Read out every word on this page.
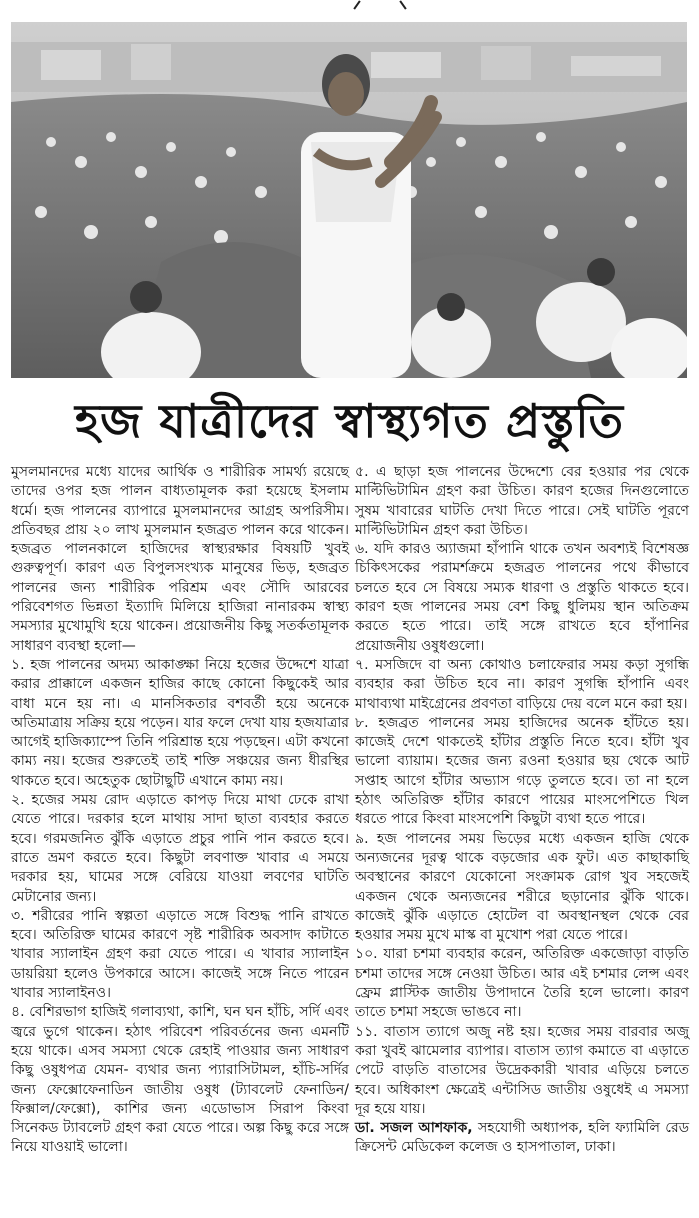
হজ যাত্রীদের স্বাস্থ্যগত প্রস্তুতি

মুসলমানদের মধ্যে যাদের আর্থিক ও শারীরিক সামর্থ্য রয়েছে তাদের ওপর হজ পালন বাধ্যতামূলক করা হয়েছে ইসলাম ধর্মে। হজ পালনের ব্যাপারে মুসলমানদের আগ্রহ অপরিসীম। প্রতিবছর প্রায় ২০ লাখ মুসলমান হজব্রত পালন করে থাকেন। হজব্রত পালনকালে হাজিদের স্বাস্থ্যরক্ষার বিষয়টি খুবই গুরুত্বপূর্ণ। কারণ এত বিপুলসংখ্যক মানুষের ভিড়, হজব্রত পালনের জন্য শারীরিক পরিশ্রম এবং সৌদি আরবের পরিবেশগত ভিন্নতা ইত্যাদি মিলিয়ে হাজিরা নানারকম স্বাস্থ্য সমস্যার মুখোমুখি হয়ে থাকেন। প্রয়োজনীয় কিছু সতর্কতামূলক সাধারণ ব্যবস্থা হলো—

১. হজ পালনের অদম্য আকাঙ্ক্ষা নিয়ে হজের উদ্দেশে যাত্রা করার প্রাক্কালে একজন হাজির কাছে কোনো কিছুকেই আর বাধা মনে হয় না। এ মানসিকতার বশবর্তী হয়ে অনেকে অতিমাত্রায় সক্রিয় হয়ে পড়েন। যার ফলে দেখা যায় হজযাত্রার আগেই হাজিক্যাম্পে তিনি পরিশ্রান্ত হয়ে পড়ছেন। এটা কখনো কাম্য নয়। হজের শুরুতেই তাই শক্তি সঞ্চয়ের জন্য ধীরস্থির থাকতে হবে। অহেতুক ছোটাছুটি এখানে কাম্য নয়।

২. হজের সময় রোদ এড়াতে কাপড় দিয়ে মাথা ঢেকে রাখা যেতে পারে। দরকার হলে মাথায় সাদা ছাতা ব্যবহার করতে হবে। গরমজনিত ঝুঁকি এড়াতে প্রচুর পানি পান করতে হবে। রাতে ভ্রমণ করতে হবে। কিছুটা লবণাক্ত খাবার এ সময়ে দরকার হয়, ঘামের সঙ্গে বেরিয়ে যাওয়া লবণের ঘাটতি মেটানোর জন্য।

৩. শরীরের পানি স্বল্পতা এড়াতে সঙ্গে বিশুদ্ধ পানি রাখতে হবে। অতিরিক্ত ঘামের কারণে সৃষ্ট শারীরিক অবসাদ কাটাতে খাবার স্যালাইন গ্রহণ করা যেতে পারে। এ খাবার স্যালাইন ডায়রিয়া হলেও উপকারে আসে। কাজেই সঙ্গে নিতে পারেন খাবার স্যালাইনও।

৪. বেশিরভাগ হাজিই গলাব্যথা, কাশি, ঘন ঘন হাঁচি, সর্দি এবং জ্বরে ভুগে থাকেন। হঠাৎ পরিবেশ পরিবর্তনের জন্য এমনটি হয়ে থাকে। এসব সমস্যা থেকে রেহাই পাওয়ার জন্য সাধারণ কিছু ওষুধপত্র যেমন- ব্যথার জন্য প্যারাসিটামল, হাঁচি-সর্দির জন্য ফেক্সোফেনাডিন জাতীয় ওষুধ (ট্যাবলেট ফেনাডিন/ফিক্সাল/ফেক্সো), কাশির জন্য এডোভাস সিরাপ কিংবা সিনেকড ট্যাবলেট গ্রহণ করা যেতে পারে। অল্প কিছু করে সঙ্গে নিয়ে যাওয়াই ভালো।

৫. এ ছাড়া হজ পালনের উদ্দেশ্যে বের হওয়ার পর থেকে মাল্টিভিটামিন গ্রহণ করা উচিত। কারণ হজের দিনগুলোতে সুষম খাবারের ঘাটতি দেখা দিতে পারে। সেই ঘাটতি পূরণে মাল্টিভিটামিন গ্রহণ করা উচিত।

৬. যদি কারও অ্যাজমা হাঁপানি থাকে তখন অবশ্যই বিশেষজ্ঞ চিকিৎসকের পরামর্শক্রমে হজব্রত পালনের পথে কীভাবে চলতে হবে সে বিষয়ে সম্যক ধারণা ও প্রস্তুতি থাকতে হবে। কারণ হজ পালনের সময় বেশ কিছু ধুলিময় স্থান অতিক্রম করতে হতে পারে। তাই সঙ্গে রাখতে হবে হাঁপানির প্রয়োজনীয় ওষুধগুলো।

৭. মসজিদে বা অন্য কোথাও চলাফেরার সময় কড়া সুগন্ধি ব্যবহার করা উচিত হবে না। কারণ সুগন্ধি হাঁপানি এবং মাথাব্যথা মাইগ্রেনের প্রবণতা বাড়িয়ে দেয় বলে মনে করা হয়।

৮. হজব্রত পালনের সময় হাজিদের অনেক হাঁটতে হয়। কাজেই দেশে থাকতেই হাঁটার প্রস্তুতি নিতে হবে। হাঁটা খুব ভালো ব্যায়াম। হজের জন্য রওনা হওয়ার ছয় থেকে আট সপ্তাহ আগে হাঁটার অভ্যাস গড়ে তুলতে হবে। তা না হলে হঠাৎ অতিরিক্ত হাঁটার কারণে পায়ের মাংসপেশিতে খিল ধরতে পারে কিংবা মাংসপেশি কিছুটা ব্যথা হতে পারে।

৯. হজ পালনের সময় ভিড়ের মধ্যে একজন হাজি থেকে অন্যজনের দূরত্ব থাকে বড়জোর এক ফুট। এত কাছাকাছি অবস্থানের কারণে যেকোনো সংক্রামক রোগ খুব সহজেই একজন থেকে অন্যজনের শরীরে ছড়ানোর ঝুঁকি থাকে। কাজেই ঝুঁকি এড়াতে হোটেল বা অবস্থানস্থল থেকে বের হওয়ার সময় মুখে মাস্ক বা মুখোশ পরা যেতে পারে।

১০. যারা চশমা ব্যবহার করেন, অতিরিক্ত একজোড়া বাড়তি চশমা তাদের সঙ্গে নেওয়া উচিত। আর এই চশমার লেন্স এবং ফ্রেম প্লাস্টিক জাতীয় উপাদানে তৈরি হলে ভালো। কারণ তাতে চশমা সহজে ভাঙবে না।

১১. বাতাস ত্যাগে অজু নষ্ট হয়। হজের সময় বারবার অজু করা খুবই ঝামেলার ব্যাপার। বাতাস ত্যাগ কমাতে বা এড়াতে পেটে বাড়তি বাতাসের উদ্রেককারী খাবার এড়িয়ে চলতে হবে। অধিকাংশ ক্ষেত্রেই এন্টাসিড জাতীয় ওষুধেই এ সমস্যা দূর হয়ে যায়।

ডা. সজল আশফাক, সহযোগী অধ্যাপক, হলি ফ্যামিলি রেড ক্রিসেন্ট মেডিকেল কলেজ ও হাসপাতাল, ঢাকা।
